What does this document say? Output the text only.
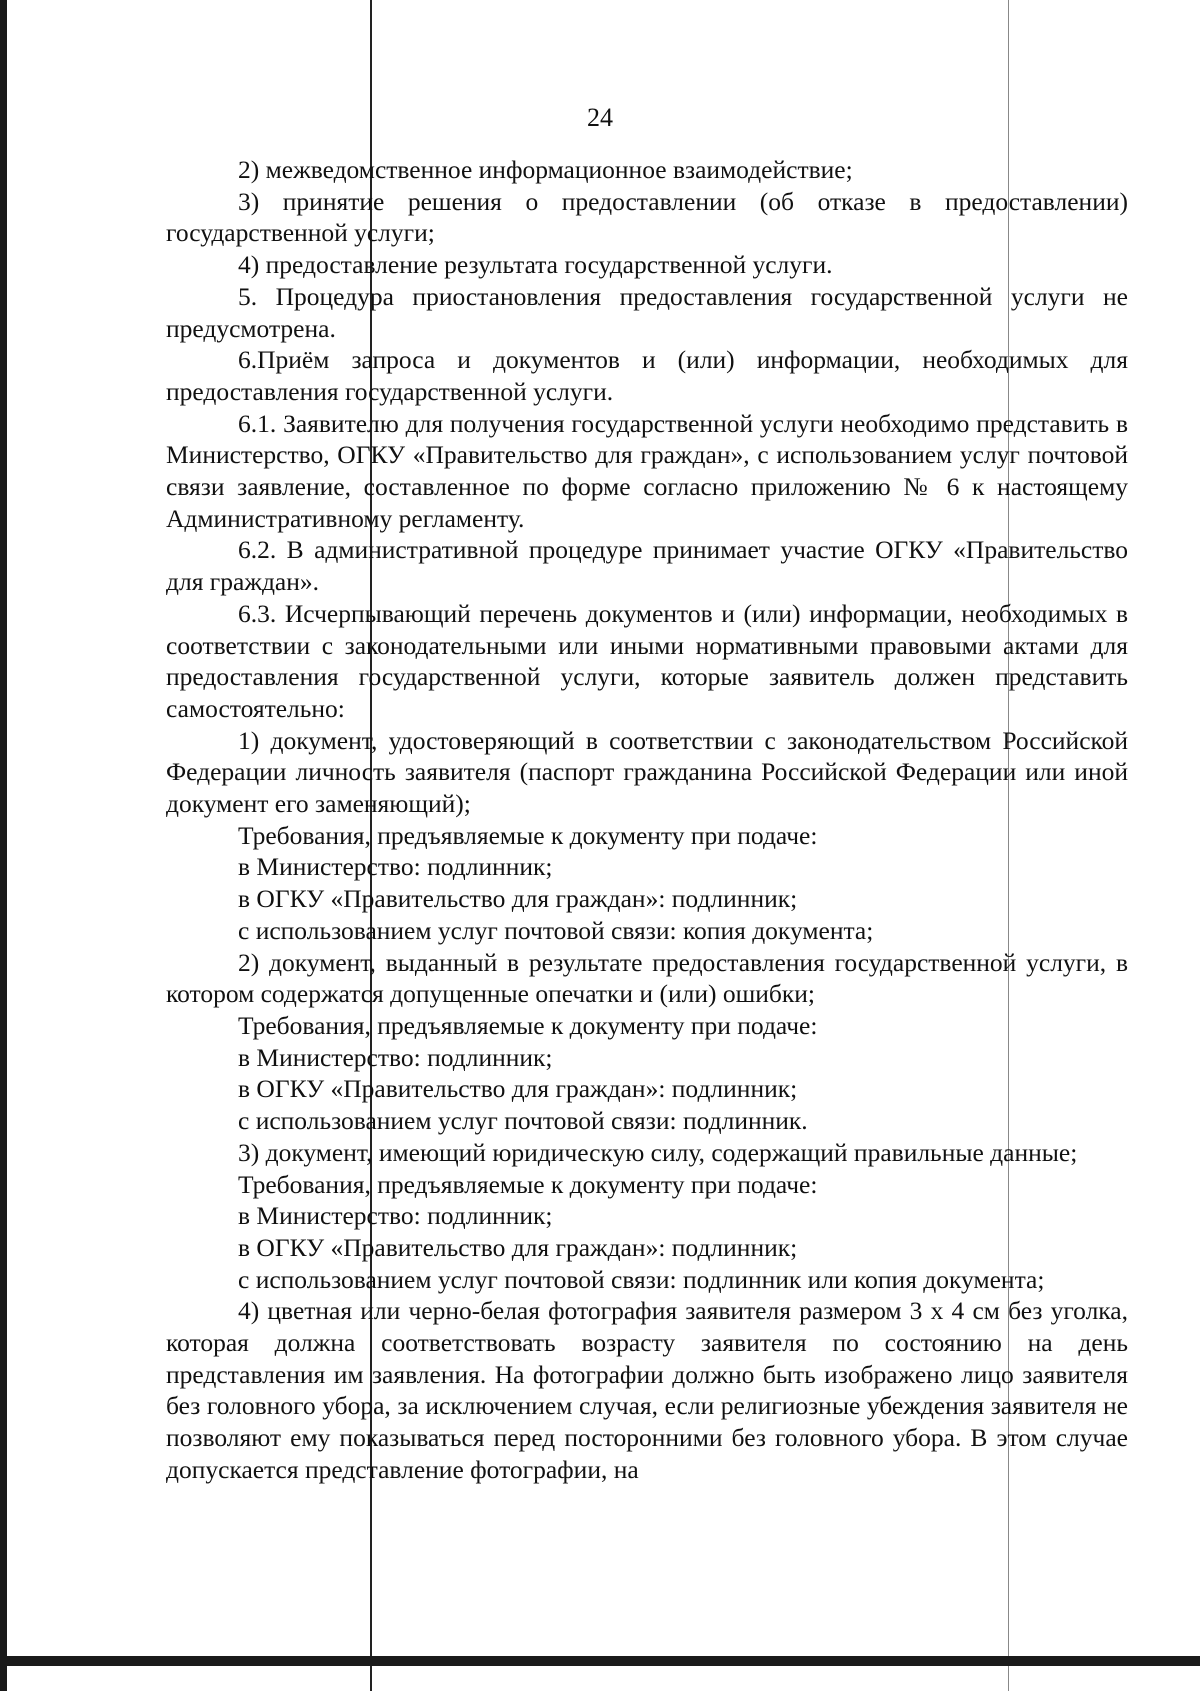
24

2) межведомственное информационное взаимодействие;

3) принятие решения о предоставлении (об отказе в предоставлении) государственной услуги;

4) предоставление результата государственной услуги.

5. Процедура приостановления предоставления государственной услуги не предусмотрена.

6.Приём запроса и документов и (или) информации, необходимых для предоставления государственной услуги.

6.1. Заявителю для получения государственной услуги необходимо представить в Министерство, ОГКУ «Правительство для граждан», с использованием услуг почтовой связи заявление, составленное по форме согласно приложению № 6 к настоящему Административному регламенту.

6.2. В административной процедуре принимает участие ОГКУ «Правительство для граждан».

6.3. Исчерпывающий перечень документов и (или) информации, необходимых в соответствии с законодательными или иными нормативными правовыми актами для предоставления государственной услуги, которые заявитель должен представить самостоятельно:

1) документ, удостоверяющий в соответствии с законодательством Российской Федерации личность заявителя (паспорт гражданина Российской Федерации или иной документ его заменяющий);

Требования, предъявляемые к документу при подаче:

в Министерство: подлинник;

в ОГКУ «Правительство для граждан»: подлинник;

с использованием услуг почтовой связи: копия документа;

2) документ, выданный в результате предоставления государственной услуги, в котором содержатся допущенные опечатки и (или) ошибки;

Требования, предъявляемые к документу при подаче:

в Министерство: подлинник;

в ОГКУ «Правительство для граждан»: подлинник;

с использованием услуг почтовой связи: подлинник.

3) документ, имеющий юридическую силу, содержащий правильные данные;

Требования, предъявляемые к документу при подаче:

в Министерство: подлинник;

в ОГКУ «Правительство для граждан»: подлинник;

с использованием услуг почтовой связи: подлинник или копия документа;

4) цветная или черно-белая фотография заявителя размером 3 х 4 см без уголка, которая должна соответствовать возрасту заявителя по состоянию на день представления им заявления. На фотографии должно быть изображено лицо заявителя без головного убора, за исключением случая, если религиозные убеждения заявителя не позволяют ему показываться перед посторонними без головного убора. В этом случае допускается представление фотографии, на
